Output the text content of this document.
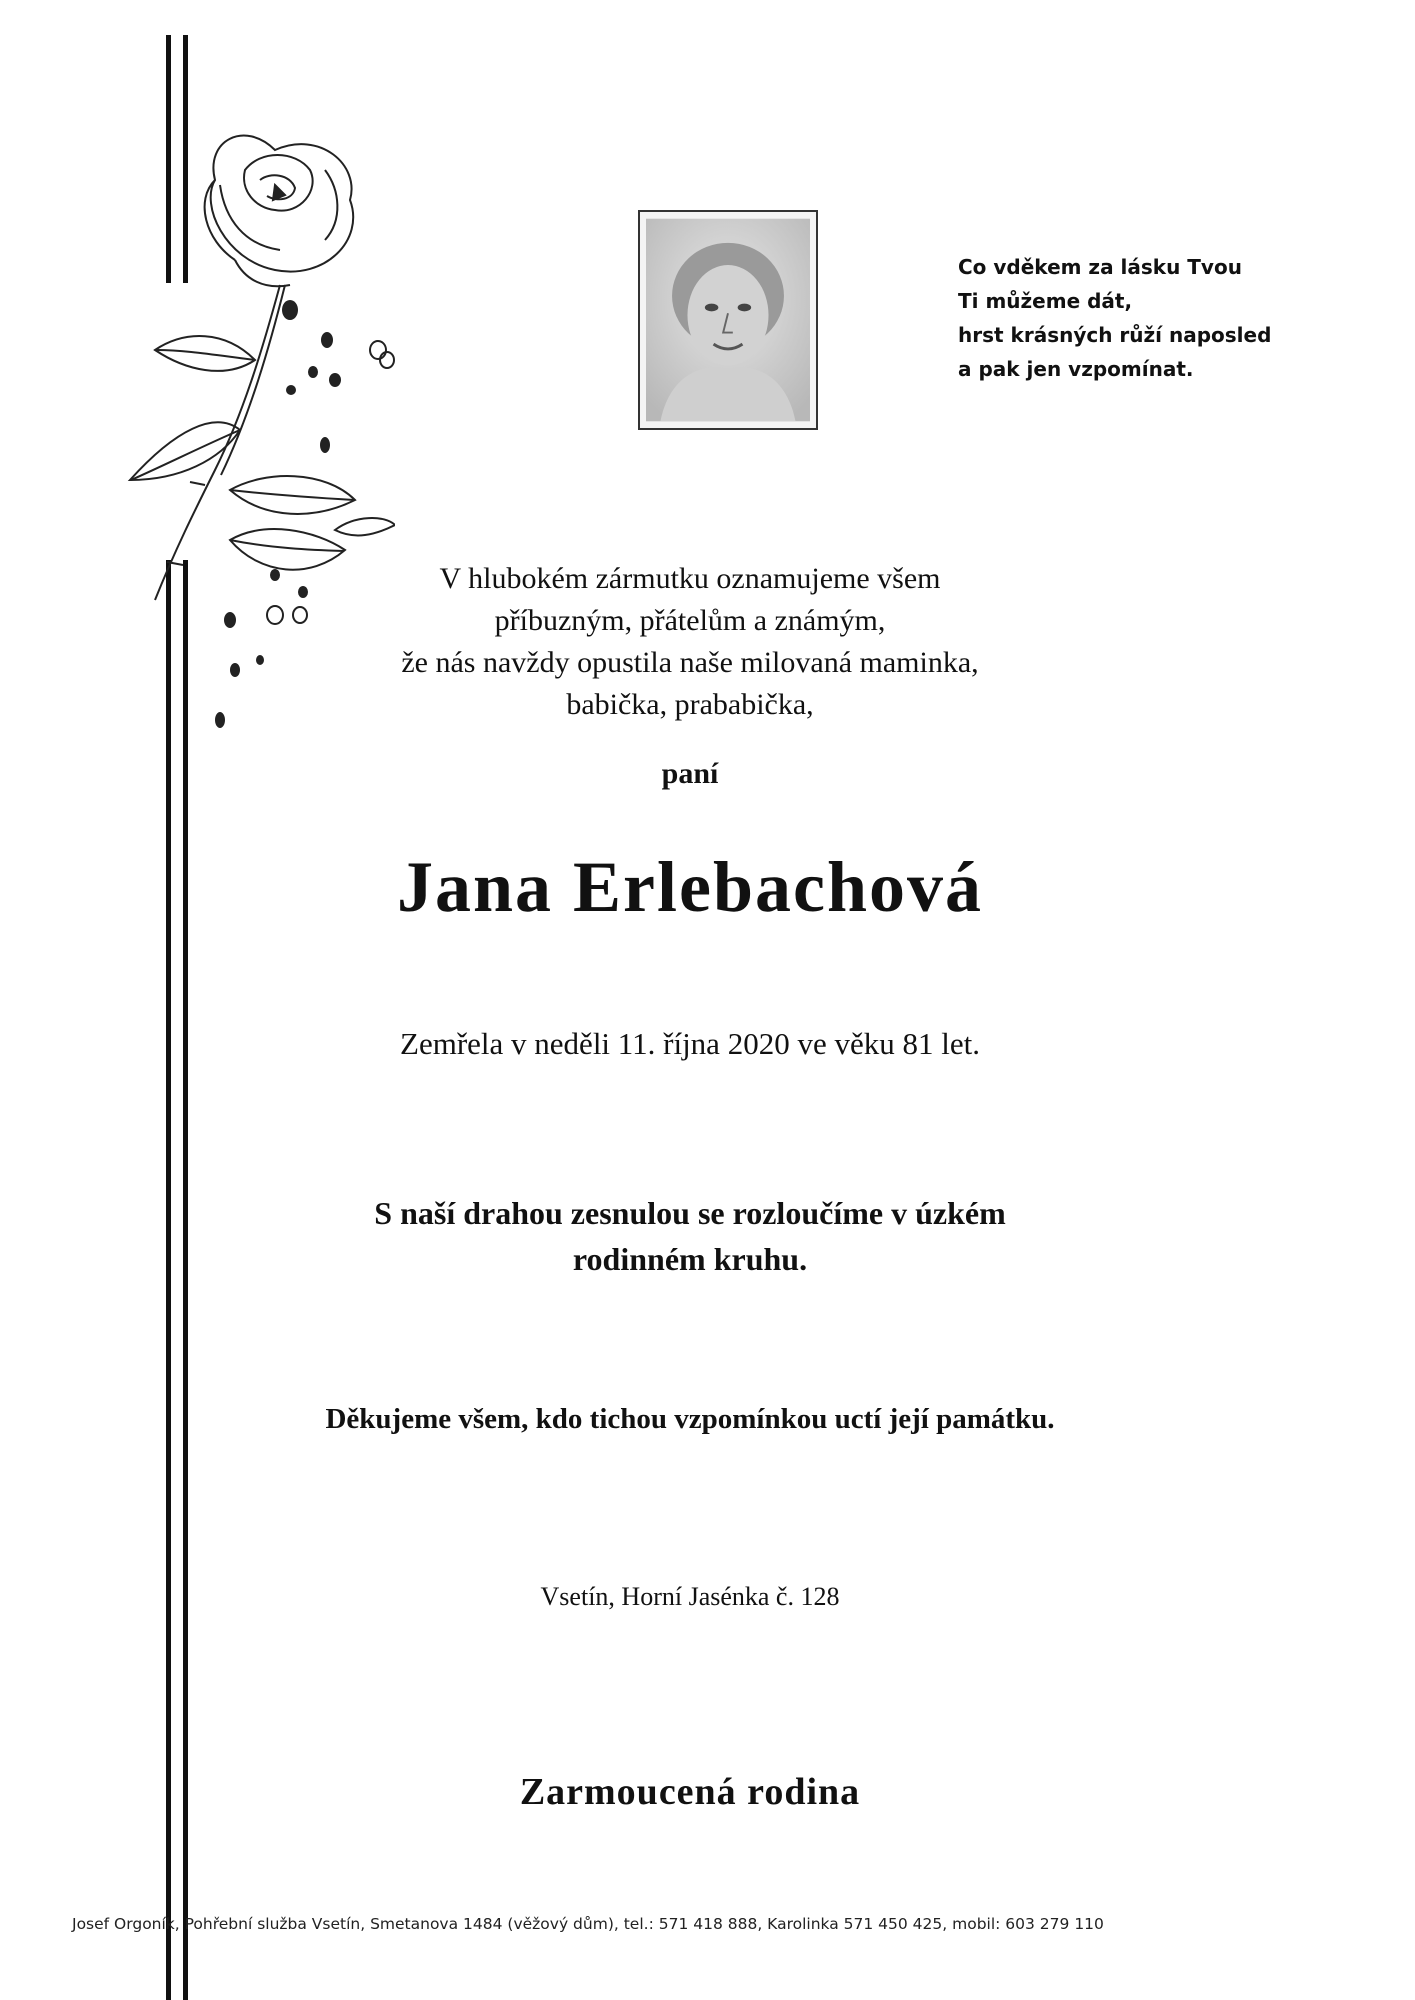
Co vděkem za lásku Tvou
Ti můžeme dát,
hrst krásných růží naposled
a pak jen vzpomínat.
V hlubokém zármutku oznamujeme všem
příbuzným, přátelům a známým,
že nás navždy opustila naše milovaná maminka,
babička, prababička,
paní
Jana Erlebachová
Zemřela v neděli 11. října 2020 ve věku 81 let.
S naší drahou zesnulou se rozloučíme v úzkém
rodinném kruhu.
Děkujeme všem, kdo tichou vzpomínkou uctí její památku.
Vsetín, Horní Jasénka č. 128
Zarmoucená rodina
Josef Orgoník, Pohřební služba Vsetín, Smetanova 1484 (věžový dům), tel.: 571 418 888, Karolinka 571 450 425, mobil: 603 279 110
